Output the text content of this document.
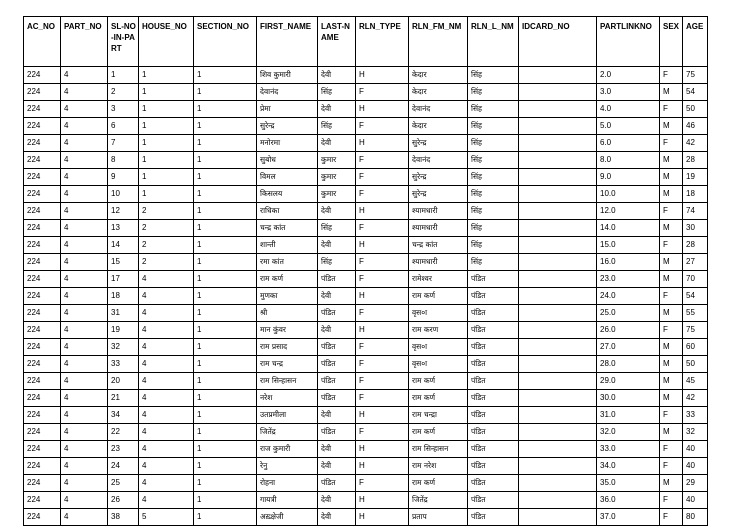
AC_NO	PART_NO	SL-NO-IN-PART	HOUSE_NO	SECTION_NO	FIRST_NAME	LAST-NAME	RLN_TYPE	RLN_FM_NM	RLN_L_NM	IDCARD_NO	PARTLINKNO	SEX	AGE
224	4	1	1	1	शिव कुमारी	देवी	H	केदार	सिंह		2.0	F	75
224	4	2	1	1	देवानंद	सिंह	F	केदार	सिंह		3.0	M	54
224	4	3	1	1	प्रेमा	देवी	H	देवानंद	सिंह		4.0	F	50
224	4	6	1	1	सुरेन्द्र	सिंह	F	केदार	सिंह		5.0	M	46
224	4	7	1	1	मनोरमा	देवी	H	सुरेन्द्र	सिंह		6.0	F	42
224	4	8	1	1	सुबोध	कुमार	F	देवानंद	सिंह		8.0	M	28
224	4	9	1	1	विमल	कुमार	F	सुरेन्द्र	सिंह		9.0	M	19
224	4	10	1	1	किसलय	कुमार	F	सुरेन्द्र	सिंह		10.0	M	18
224	4	12	2	1	राधिका	देवी	H	श्यामधारी	सिंह		12.0	F	74
224	4	13	2	1	चन्द्र कांत	सिंह	F	श्यामधारी	सिंह		14.0	M	30
224	4	14	2	1	शान्ती	देवी	H	चन्द्र कांत	सिंह		15.0	F	28
224	4	15	2	1	रमा कांत	सिंह	F	श्यामधारी	सिंह		16.0	M	27
224	4	17	4	1	राम कर्ण	पंडित	F	रामेश्वर	पंडित		23.0	M	70
224	4	18	4	1	मुणका	देवी	H	राम कर्ण	पंडित		24.0	F	54
224	4	31	4	1	श्री	पंडित	F	वृस०ा	पंडित		25.0	M	55
224	4	19	4	1	मान कुंवर	देवी	H	राम करण	पंडित		26.0	F	75
224	4	32	4	1	राम प्रसाद	पंडित	F	वृस०ा	पंडित		27.0	M	60
224	4	33	4	1	राम चन्द्र	पंडित	F	वृस०ा	पंडित		28.0	M	50
224	4	20	4	1	राम सिन्हासन	पंडित	F	राम कर्ण	पंडित		29.0	M	45
224	4	21	4	1	नरेश	पंडित	F	राम कर्ण	पंडित		30.0	M	42
224	4	34	4	1	उतप्रमीला	देवी	H	राम चन्द्रा	पंडित		31.0	F	33
224	4	22	4	1	जितेंद्र	पंडित	F	राम कर्ण	पंडित		32.0	M	32
224	4	23	4	1	राज कुमारी	देवी	H	राम सिन्हासन	पंडित		33.0	F	40
224	4	24	4	1	रेनु	देवी	H	राम नरेश	पंडित		34.0	F	40
224	4	25	4	1	रोहना	पंडित	F	राम कर्ण	पंडित		35.0	M	29
224	4	26	4	1	गायत्री	देवी	H	जितेंद्र	पंडित		36.0	F	40
224	4	38	5	1	अख़्क्षेजी	देवी	H	प्रताप	पंडित		37.0	F	80
